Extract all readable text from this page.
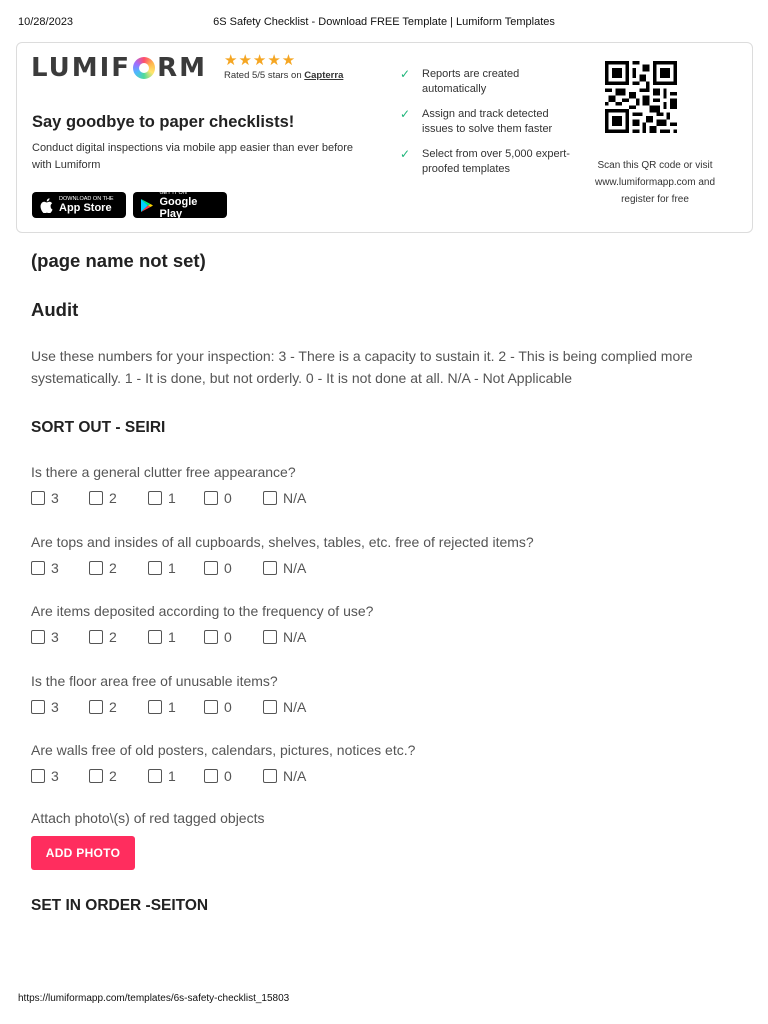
10/28/2023	6S Safety Checklist - Download FREE Template | Lumiform Templates
LUMIF RM ★★★★★
Rated 5/5 stars on Capterra
Say goodbye to paper checklists!
Conduct digital inspections via mobile app easier than ever before with Lumiform
DOWNLOAD ON THE
App Store
GET IT ON
Google Play
✓ Reports are created automatically
✓ Assign and track detected issues to solve them faster
✓ Select from over 5,000 expert-proofed templates	Scan this QR code or visit www.lumiformapp.com and register for free
(page name not set)
Audit
Use these numbers for your inspection: 3 - There is a capacity to sustain it. 2 - This is being complied more systematically. 1 - It is done, but not orderly. 0 - It is not done at all. N/A - Not Applicable
SORT OUT - SEIRI
Is there a general clutter free appearance?
3	2	1	0	N/A
Are tops and insides of all cupboards, shelves, tables, etc. free of rejected items?
3	2	1	0	N/A
Are items deposited according to the frequency of use?
3	2	1	0	N/A
Is the floor area free of unusable items?
3	2	1	0	N/A
Are walls free of old posters, calendars, pictures, notices etc.?
3	2	1	0	N/A
Attach photo\(s) of red tagged objects
ADD PHOTO
SET IN ORDER -SEITON
https://lumiformapp.com/templates/6s-safety-checklist_15803
